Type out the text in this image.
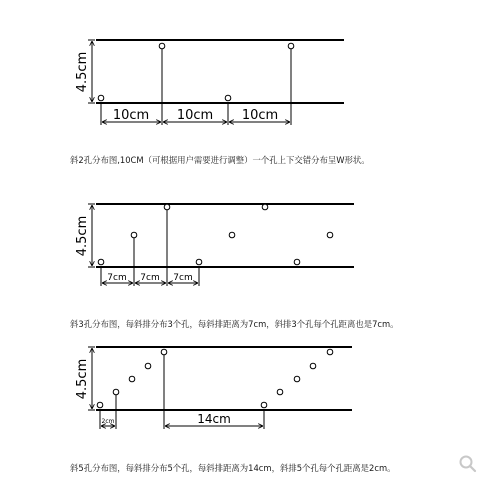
4.5cm
10cm 10cm 10cm
4.5cm
7cm 7cm 7cm
4.5cm
2cm	14cm
斜2孔分布图,10CM（可根据用户需要进行调整）一个孔上下交错分布呈W形状。
斜3孔分布图，每斜排分布3个孔，每斜排距离为7cm，斜排3个孔每个孔距离也是7cm。
斜5孔分布图，每斜排分布5个孔，每斜排距离为14cm，斜排5个孔每个孔距离是2cm。
